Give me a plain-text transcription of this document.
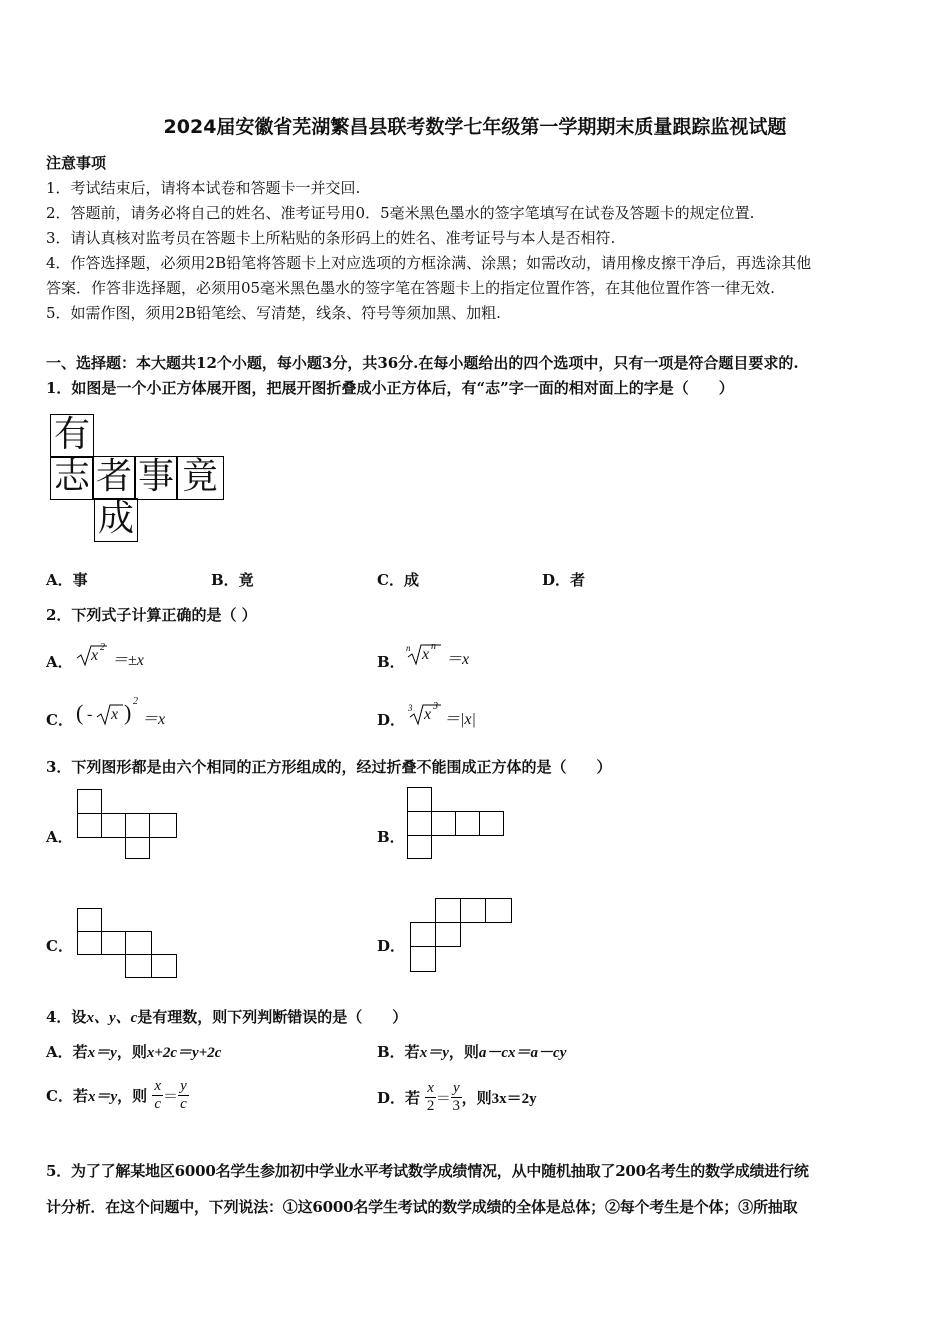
2024届安徽省芜湖繁昌县联考数学七年级第一学期期末质量跟踪监视试题
注意事项
1．考试结束后，请将本试卷和答题卡一并交回.
2．答题前，请务必将自己的姓名、准考证号用0．5毫米黑色墨水的签字笔填写在试卷及答题卡的规定位置.
3．请认真核对监考员在答题卡上所粘贴的条形码上的姓名、准考证号与本人是否相符.
4．作答选择题，必须用2B铅笔将答题卡上对应选项的方框涂满、涂黑；如需改动，请用橡皮擦干净后，再选涂其他
答案．作答非选择题，必须用05毫米黑色墨水的签字笔在答题卡上的指定位置作答，在其他位置作答一律无效.
5．如需作图，须用2B铅笔绘、写清楚，线条、符号等须加黑、加粗.
一、选择题：本大题共12个小题，每小题3分，共36分.在每小题给出的四个选项中，只有一项是符合题目要求的.
1．如图是一个小正方体展开图，把展开图折叠成小正方体后，有“志”字一面的相对面上的字是（　　）
有
志 者 事 竟
成
A．事	B．竟	C．成	D．者
2．下列式子计算正确的是（ ）
A． x 2
＝±x	B．
n x n
＝x
C． ( - x ) 2
＝x	D．
3 x 3
＝|x|
3．下列图形都是由六个相同的正方形组成的，经过折叠不能围成正方体的是（　　）
A．	B．
C．	D．
4．设x、y、c是有理数，则下列判断错误的是（　　）
A．若x＝y，则x+2c＝y+2c	B．若x＝y，则a－cx＝a－cy
C．若x＝y，则 $\frac{x}{c} = \frac{y}{c}$	D．若 $\frac{x}{2} = \frac{y}{3}$ ，则3x＝2y
5．为了了解某地区6000名学生参加初中学业水平考试数学成绩情况，从中随机抽取了200名考生的数学成绩进行统
计分析．在这个问题中，下列说法：①这6000名学生考试的数学成绩的全体是总体；②每个考生是个体；③所抽取
